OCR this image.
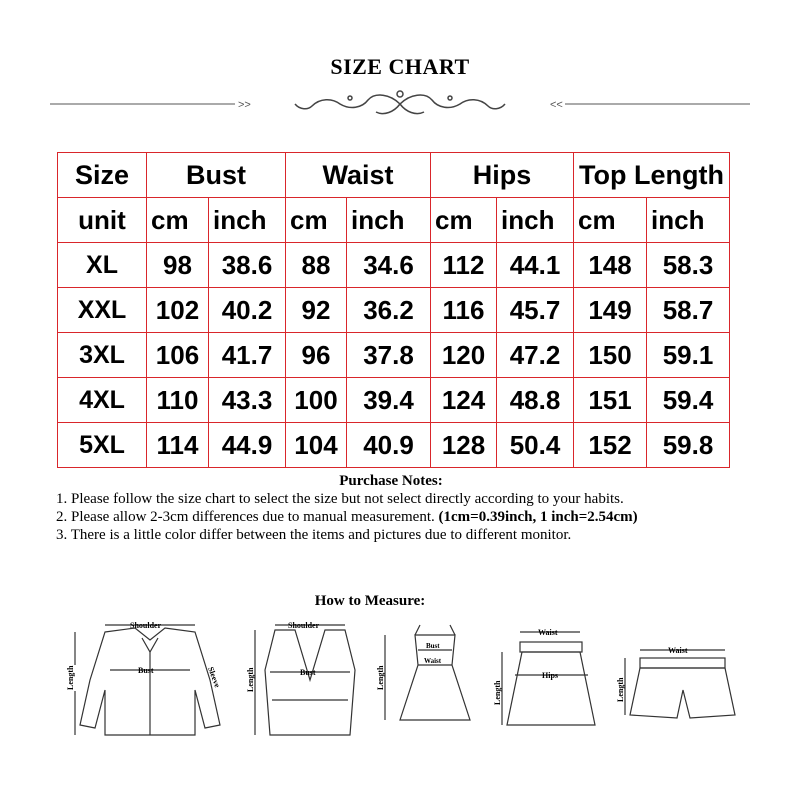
SIZE CHART
>>	<<
Size	Bust		Waist		Hips		Top Length	
unit	cm	inch	cm	inch	cm	inch	cm	inch
XL	98	38.6	88	34.6	112	44.1	148	58.3
XXL	102	40.2	92	36.2	116	45.7	149	58.7
3XL	106	41.7	96	37.8	120	47.2	150	59.1
4XL	110	43.3	100	39.4	124	48.8	151	59.4
5XL	114	44.9	104	40.9	128	50.4	152	59.8
Purchase Notes:

1. Please follow the size chart to select the size but not select directly according to your habits.

2. Please allow 2-3cm differences due to manual measurement. (1cm=0.39inch, 1 inch=2.54cm)

3. There is a little color differ between the items and pictures due to different monitor.

How to Measure:
Length
Shoulder
Bust	Sleeve
Shoulder
Bust
Length
Bust
Waist
Length
Waist
Hips
Length
Waist
Length
